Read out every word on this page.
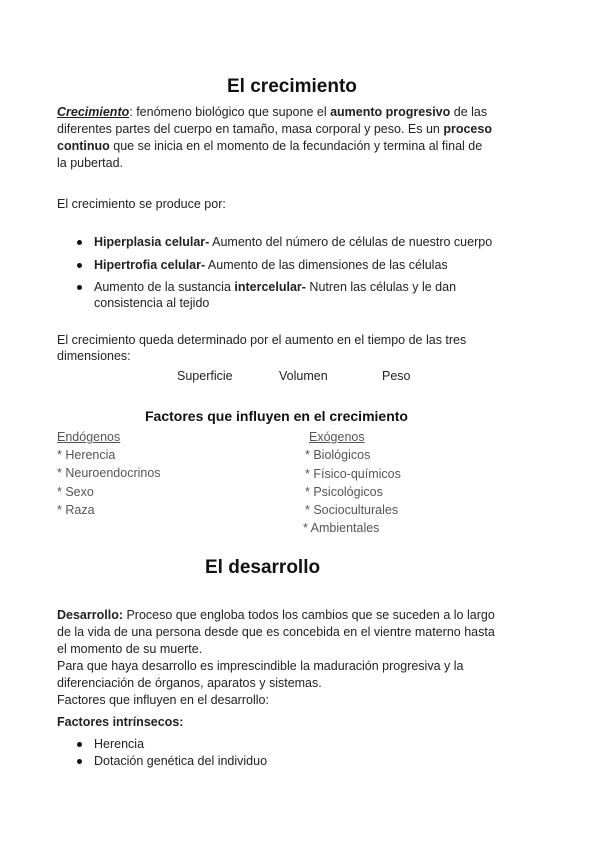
El crecimiento
Crecimiento: fenómeno biológico que supone el aumento progresivo de las
diferentes partes del cuerpo en tamaño, masa corporal y peso. Es un proceso
continuo que se inicia en el momento de la fecundación y termina al final de
la pubertad.
El crecimiento se produce por:
Hiperplasia celular- Aumento del número de células de nuestro cuerpo
Hipertrofia celular- Aumento de las dimensiones de las células
Aumento de la sustancia intercelular- Nutren las células y le dan
consistencia al tejido
El crecimiento queda determinado por el aumento en el tiempo de las tres
dimensiones:
Superficie	Volumen	Peso
Factores que influyen en el crecimiento
Endógenos
* Herencia
* Neuroendocrinos
* Sexo
* Raza
Exógenos
* Biológicos
* Físico-químicos
* Psicológicos
* Socioculturales
* Ambientales
El desarrollo
Desarrollo: Proceso que engloba todos los cambios que se suceden a lo largo
de la vida de una persona desde que es concebida en el vientre materno hasta
el momento de su muerte.
Para que haya desarrollo es imprescindible la maduración progresiva y la
diferenciación de órganos, aparatos y sistemas.
Factores que influyen en el desarrollo:
Factores intrínsecos:
Herencia
Dotación genética del individuo
